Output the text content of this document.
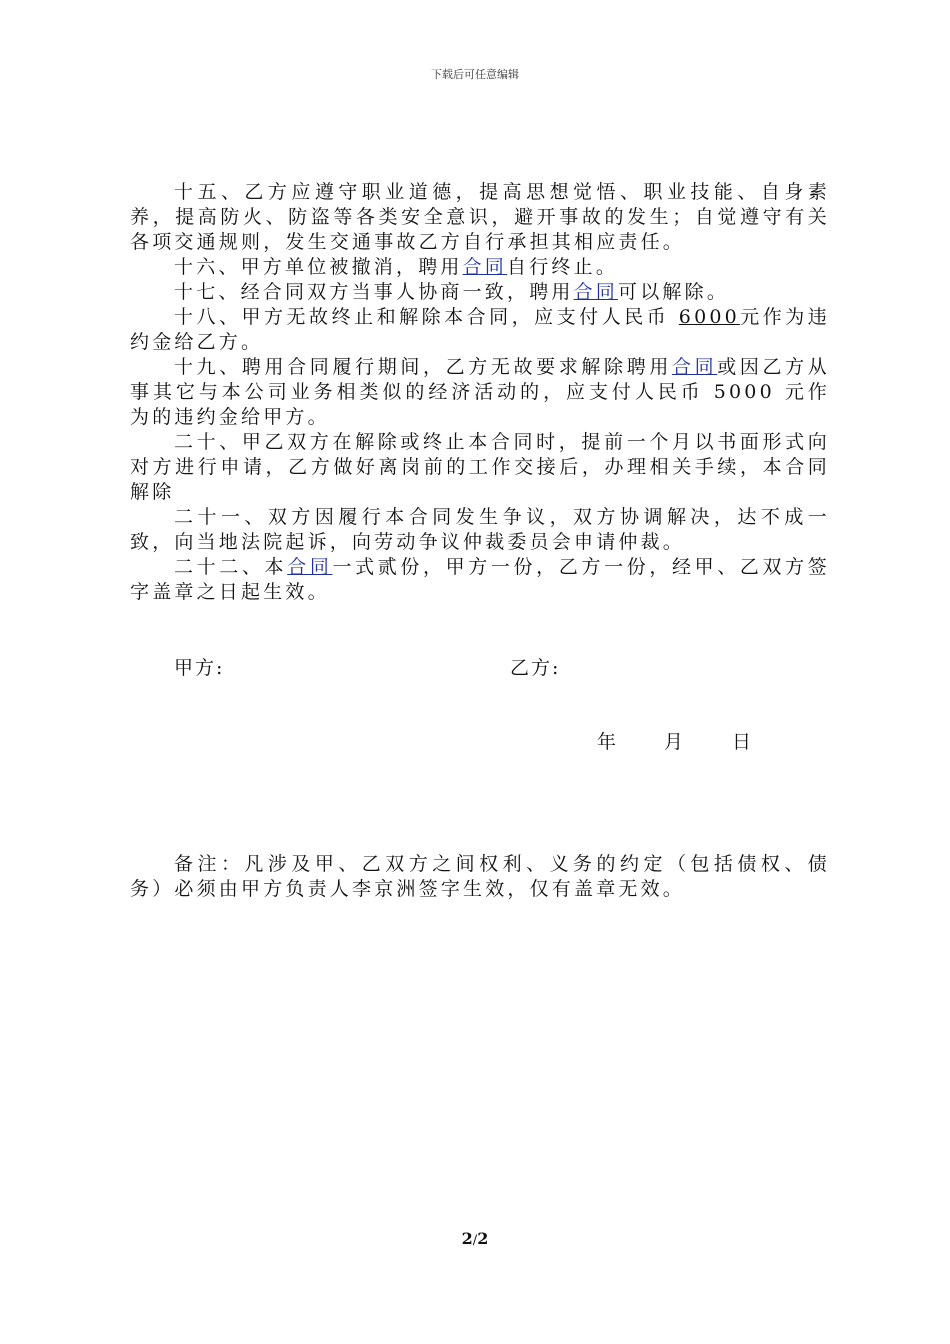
下载后可任意编辑

十五、乙方应遵守职业道德，提高思想觉悟、职业技能、自身素养，提高防火、防盗等各类安全意识，避开事故的发生；自觉遵守有关各项交通规则，发生交通事故乙方自行承担其相应责任。

十六、甲方单位被撤消，聘用合同自行终止。

十七、经合同双方当事人协商一致，聘用合同可以解除。

十八、甲方无故终止和解除本合同，应支付人民币 6000元作为违约金给乙方。

十九、聘用合同履行期间，乙方无故要求解除聘用合同或因乙方从事其它与本公司业务相类似的经济活动的，应支付人民币 5000 元作为的违约金给甲方。

二十、甲乙双方在解除或终止本合同时，提前一个月以书面形式向对方进行申请，乙方做好离岗前的工作交接后，办理相关手续，本合同解除

二十一、双方因履行本合同发生争议，双方协调解决，达不成一致，向当地法院起诉，向劳动争议仲裁委员会申请仲裁。

二十二、本合同一式贰份，甲方一份，乙方一份，经甲、乙双方签字盖章之日起生效。

甲方:	乙方:
年	月	日

备注：凡涉及甲、乙双方之间权利、义务的约定（包括债权、债务）必须由甲方负责人李京洲签字生效，仅有盖章无效。

2/2
